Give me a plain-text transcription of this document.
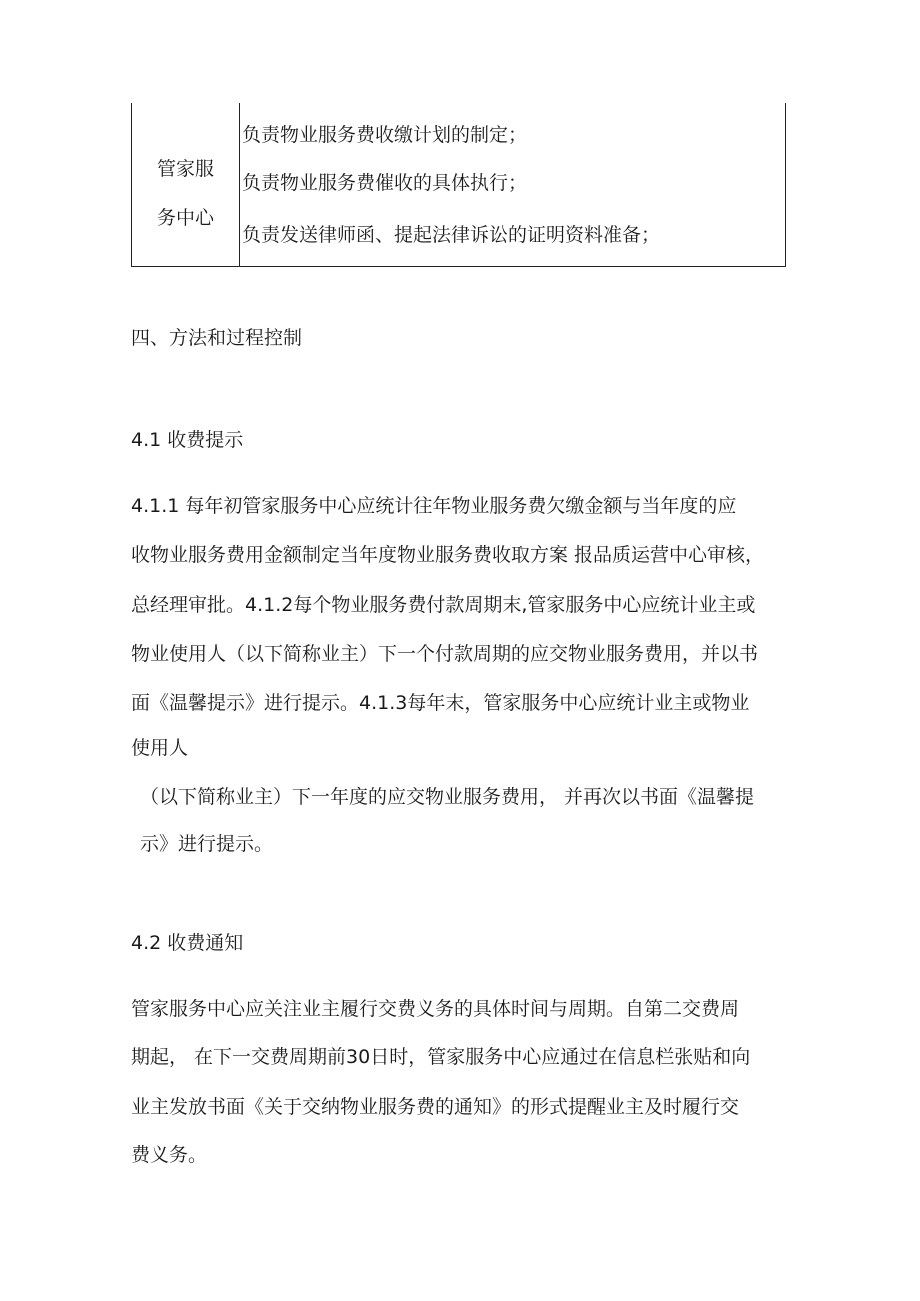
管家服
务中心
负责物业服务费收缴计划的制定；
负责物业服务费催收的具体执行；
负责发送律师函、提起法律诉讼的证明资料准备；
四、方法和过程控制
4.1 收费提示
4.1.1 每年初管家服务中心应统计往年物业服务费欠缴金额与当年度的应
收物业服务费用金额制定当年度物业服务费收取方案 报品质运营中心审核，
总经理审批。4.1.2每个物业服务费付款周期末,管家服务中心应统计业主或
物业使用人（以下简称业主）下一个付款周期的应交物业服务费用，并以书
面《温馨提示》进行提示。4.1.3每年末，管家服务中心应统计业主或物业
使用人
（以下简称业主）下一年度的应交物业服务费用， 并再次以书面《温馨提
示》进行提示。
4.2 收费通知
管家服务中心应关注业主履行交费义务的具体时间与周期。自第二交费周
期起， 在下一交费周期前30日时，管家服务中心应通过在信息栏张贴和向
业主发放书面《关于交纳物业服务费的通知》的形式提醒业主及时履行交
费义务。
